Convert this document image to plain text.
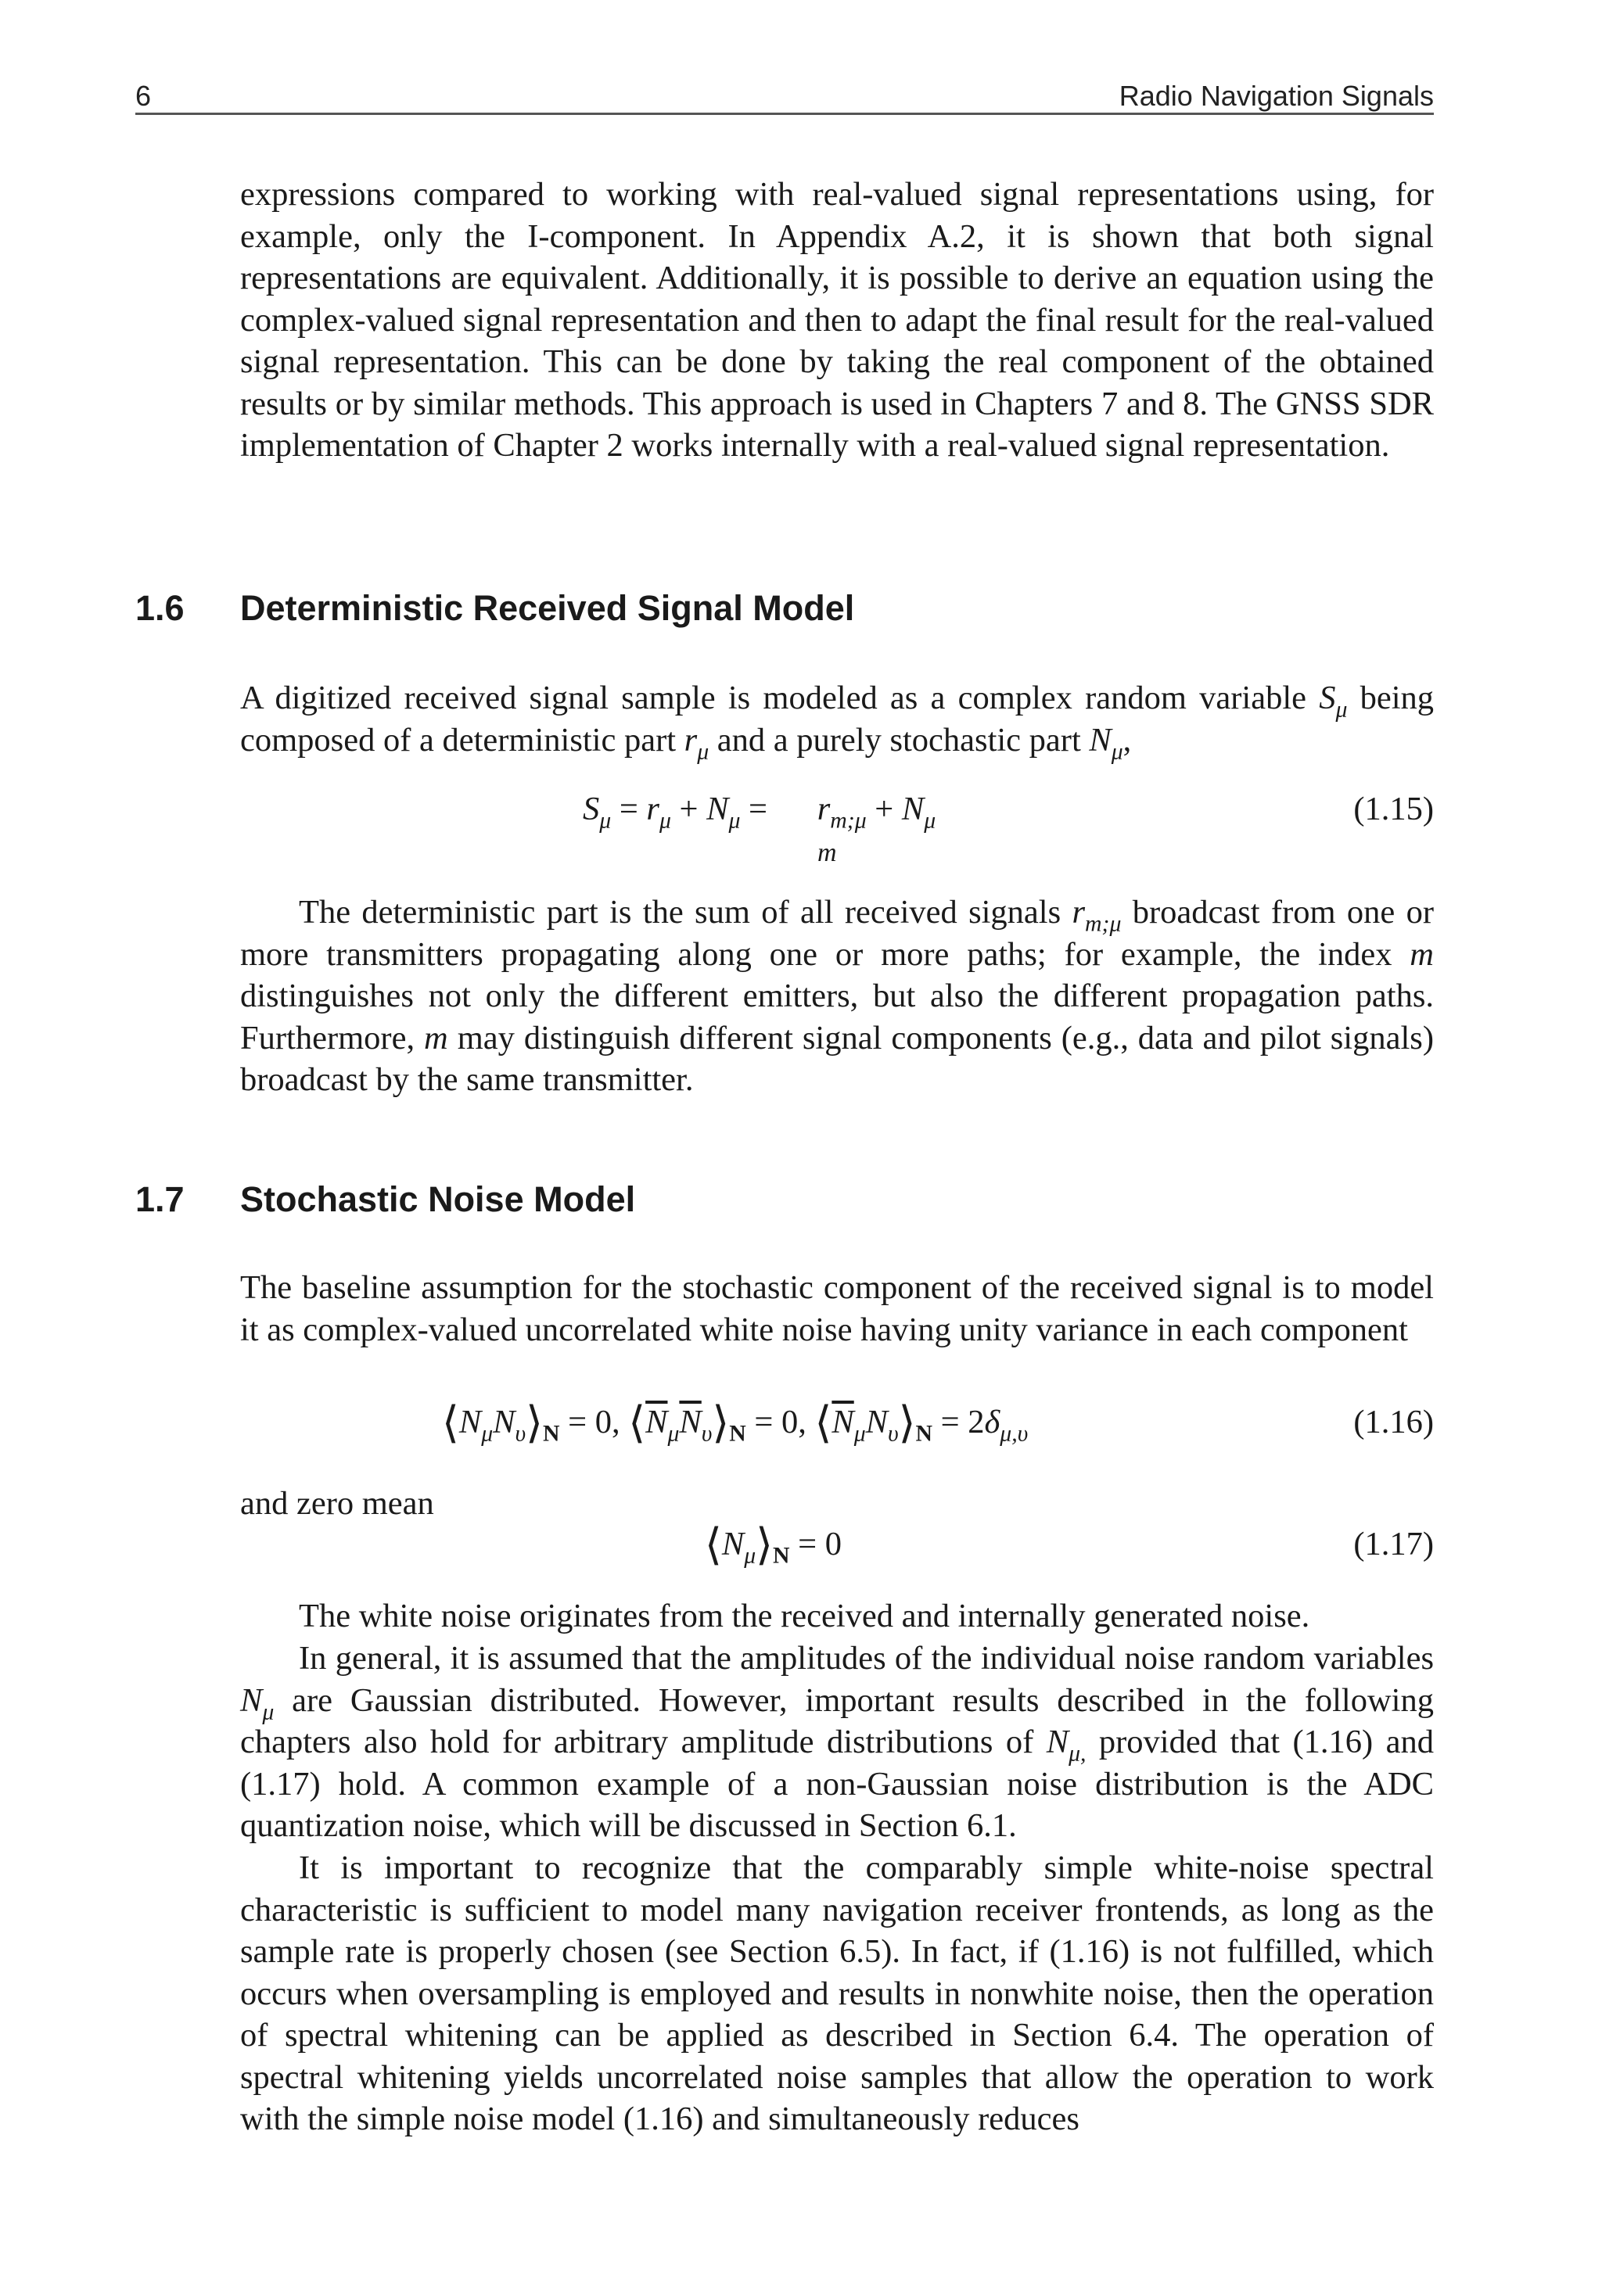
6	Radio Navigation Signals

expressions compared to working with real-valued signal representations using, for example, only the I-component. In Appendix A.2, it is shown that both signal representations are equivalent. Additionally, it is possible to derive an equation using the complex-valued signal representation and then to adapt the final result for the real-valued signal representation. This can be done by taking the real component of the obtained results or by similar methods. This approach is used in Chapters 7 and 8. The GNSS SDR implementation of Chapter 2 works internally with a real-valued signal representation.

1.6 Deterministic Received Signal Model

A digitized received signal sample is modeled as a complex random variable $S_\mu$ being composed of a deterministic part $r_\mu$ and a purely stochastic part $N_\mu$,

$S_\mu = r_\mu + N_\mu$ =      $r_{m;\mu} + N_\mu$
m
(1.15)

The deterministic part is the sum of all received signals $r_{m;\mu}$ broadcast from one or more transmitters propagating along one or more paths; for example, the index m distinguishes not only the different emitters, but also the different propagation paths. Furthermore, m may distinguish different signal components (e.g., data and pilot signals) broadcast by the same transmitter.

1.7 Stochastic Noise Model

The baseline assumption for the stochastic component of the received signal is to model it as complex-valued uncorrelated white noise having unity variance in each component

$⟨N_\mu N_\upsilon⟩_N = 0$, $⟨\overline{N}_\mu\overline{N}_\upsilon⟩_N = 0$, $⟨\overline{N}_\mu N_\upsilon⟩_N = 2\delta_{\mu,\upsilon}$	(1.16)

and zero mean

$⟨N_\mu⟩_N = 0$	(1.17)

The white noise originates from the received and internally generated noise.

In general, it is assumed that the amplitudes of the individual noise random variables $N_\mu$ are Gaussian distributed. However, important results described in the following chapters also hold for arbitrary amplitude distributions of $N_{\mu,}$ provided that (1.16) and (1.17) hold. A common example of a non-Gaussian noise distribution is the ADC quantization noise, which will be discussed in Section 6.1.

It is important to recognize that the comparably simple white-noise spectral characteristic is sufficient to model many navigation receiver frontends, as long as the sample rate is properly chosen (see Section 6.5). In fact, if (1.16) is not fulfilled, which occurs when oversampling is employed and results in nonwhite noise, then the operation of spectral whitening can be applied as described in Section 6.4. The operation of spectral whitening yields uncorrelated noise samples that allow the operation to work with the simple noise model (1.16) and simultaneously reduces
